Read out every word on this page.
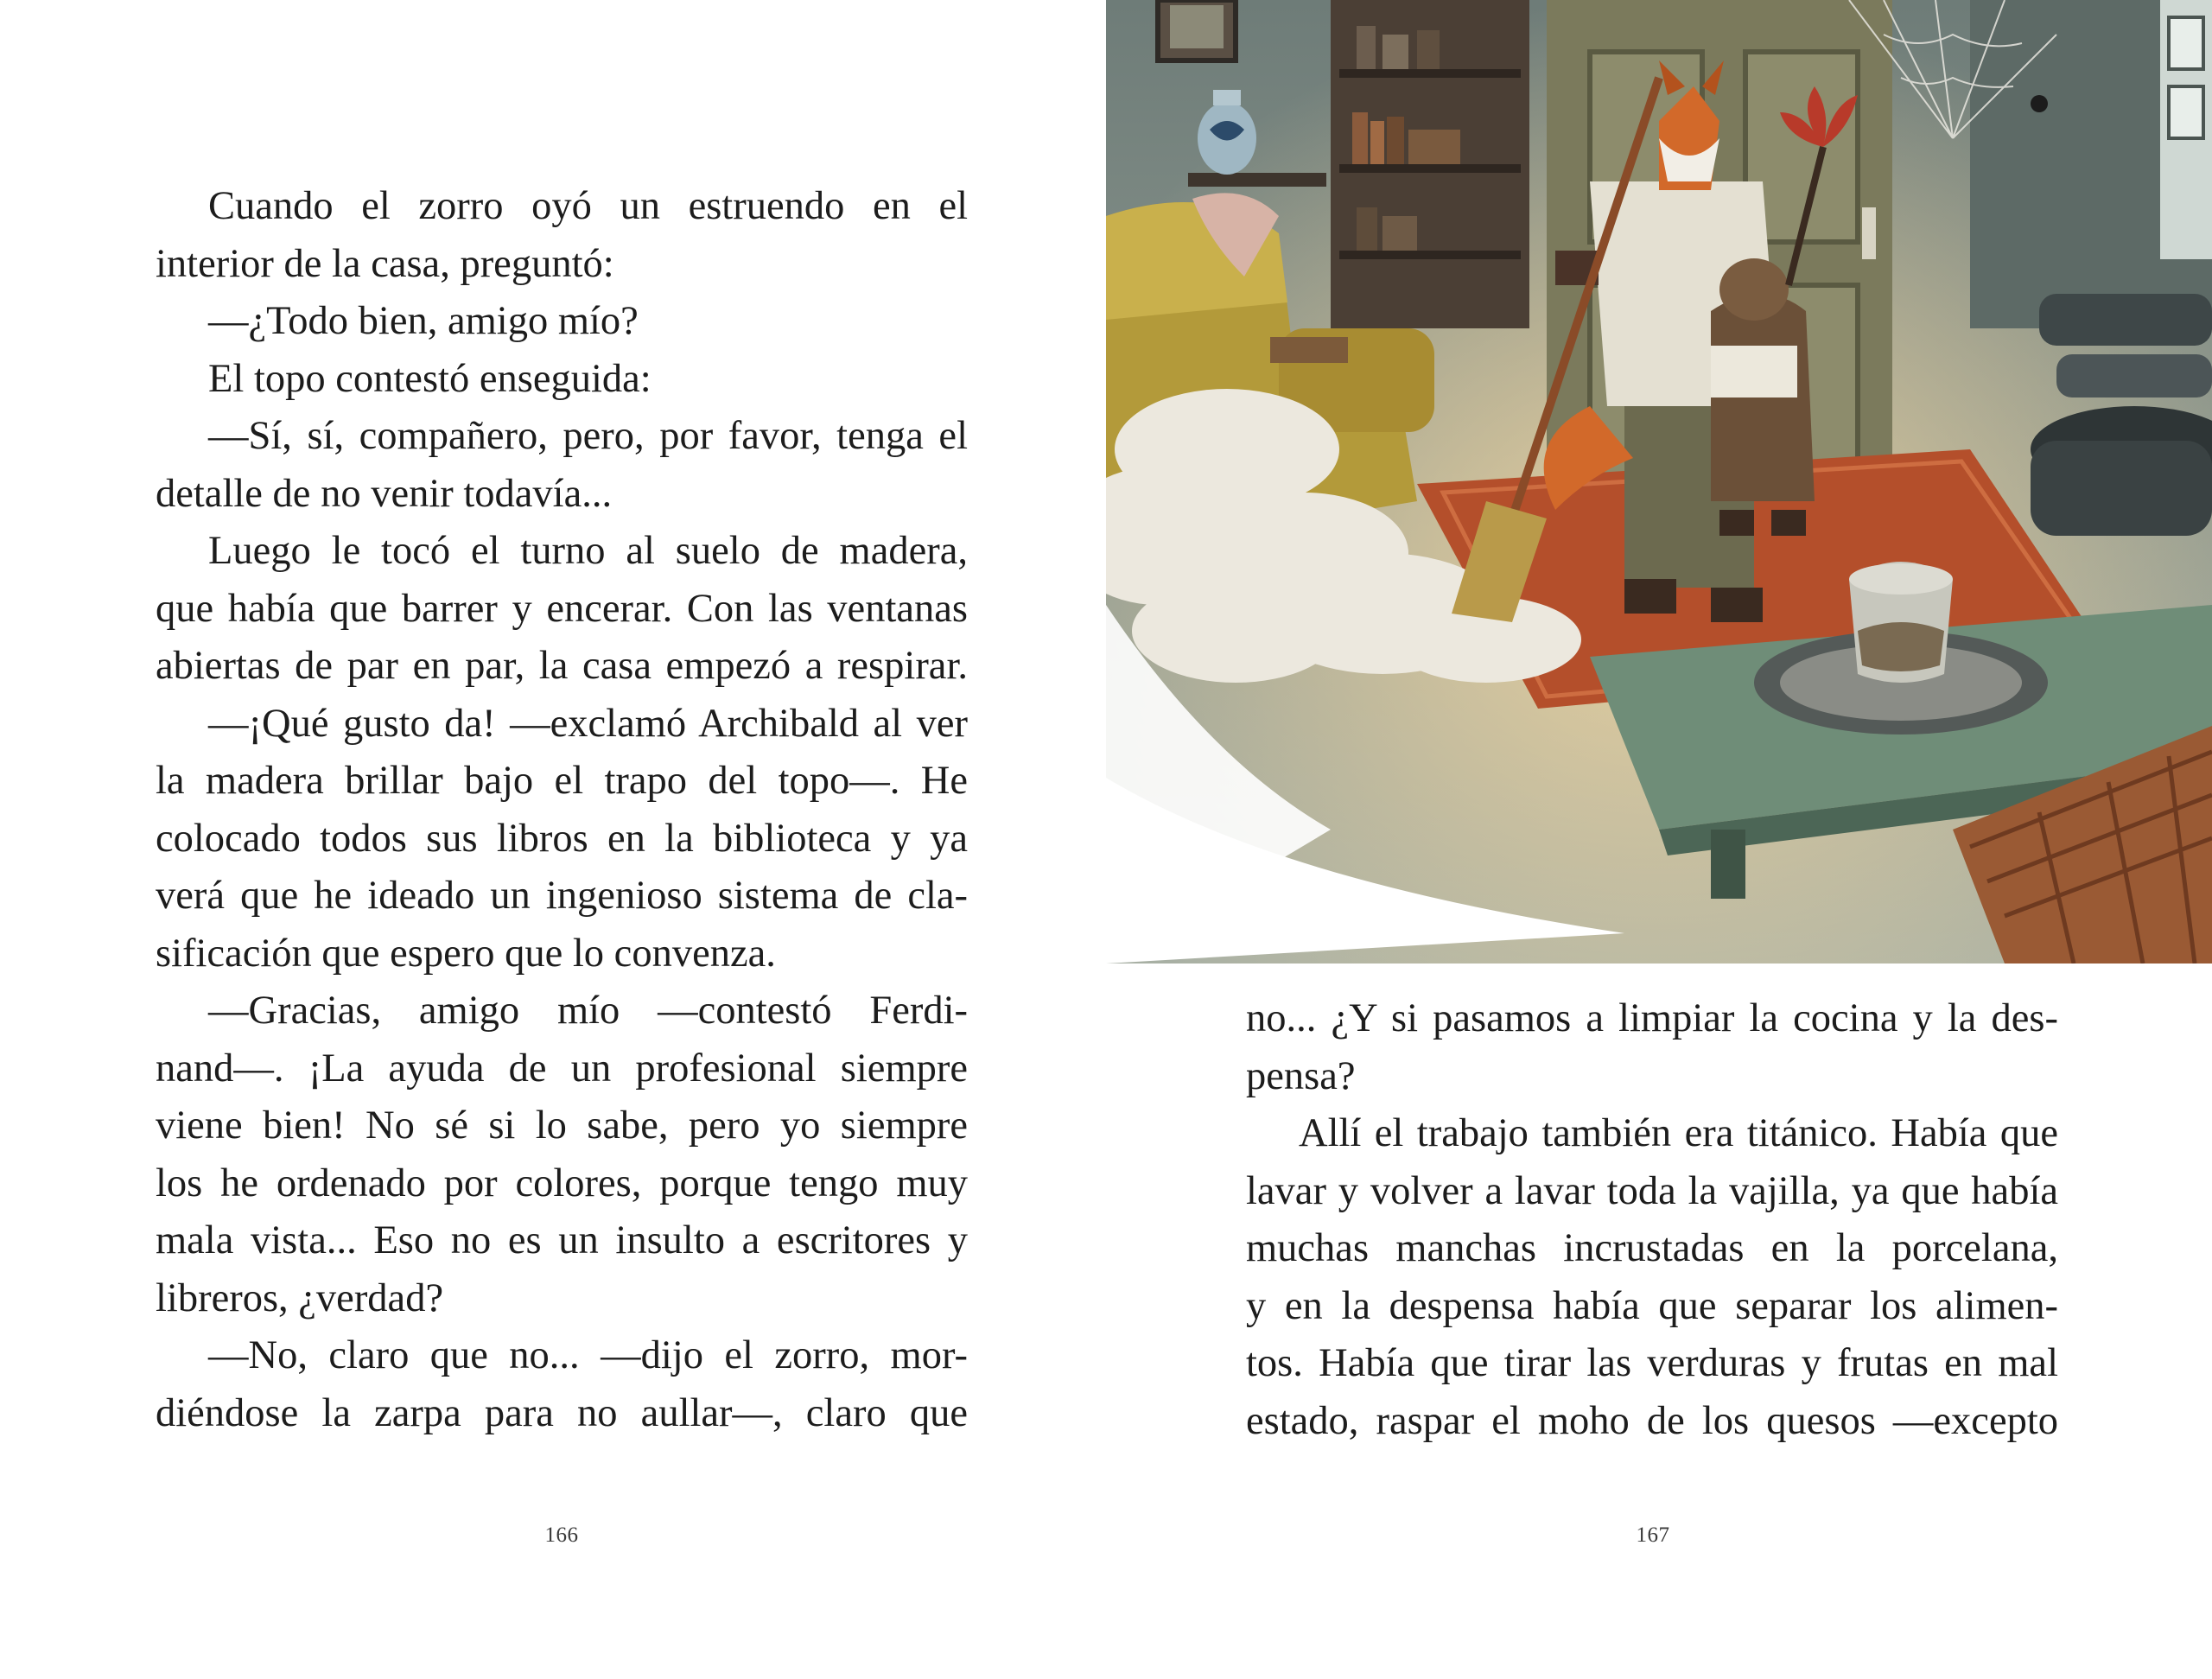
Cuando el zorro oyó un estruendo en el
interior de la casa, preguntó:
—¿Todo bien, amigo mío?
El topo contestó enseguida:
—Sí, sí, compañero, pero, por favor, tenga el
detalle de no venir todavía...
Luego le tocó el turno al suelo de madera,
que había que barrer y encerar. Con las ventanas
abiertas de par en par, la casa empezó a respirar.
—¡Qué gusto da! —exclamó Archibald al ver
la madera brillar bajo el trapo del topo—. He
colocado todos sus libros en la biblioteca y ya
verá que he ideado un ingenioso sistema de cla-
sificación que espero que lo convenza.
—Gracias, amigo mío —contestó Ferdi-
nand—. ¡La ayuda de un profesional siempre
viene bien! No sé si lo sabe, pero yo siempre
los he ordenado por colores, porque tengo muy
mala vista... Eso no es un insulto a escritores y
libreros, ¿verdad?
—No, claro que no... —dijo el zorro, mor-
diéndose la zarpa para no aullar—, claro que
166
no... ¿Y si pasamos a limpiar la cocina y la des-
pensa?
Allí el trabajo también era titánico. Había que
lavar y volver a lavar toda la vajilla, ya que había
muchas manchas incrustadas en la porcelana,
y en la despensa había que separar los alimen-
tos. Había que tirar las verduras y frutas en mal
estado, raspar el moho de los quesos —excepto
167
